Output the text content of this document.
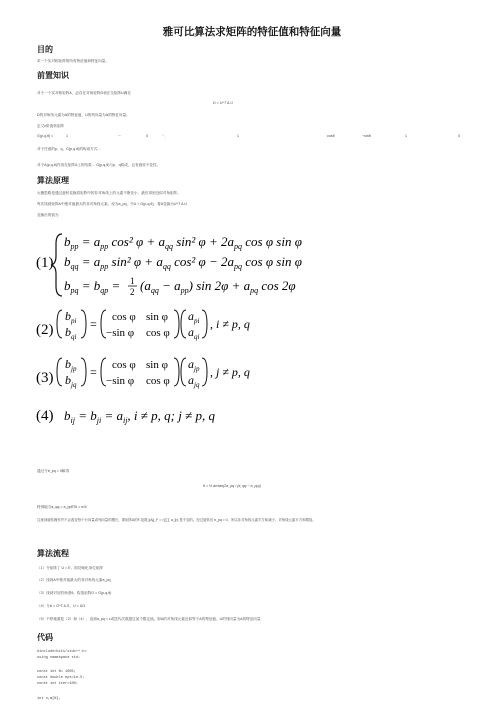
雅可比算法求矩阵的特征值和特征向量
目的
求一个实对称矩阵的所有特征值和特征向量。
前置知识
对于一个实对称矩阵A，必存在对角矩阵D和正交矩阵U满足
D = U^T A U
D的对角线元素为A的特征值，U的列向量为A的特征向量。
定义n阶旋转矩阵
G(p,q,θ) =	1	⋯	0	⋱	1	cosθ	−sinθ	1	0
对于任意的p，q，G(p,q,θ)的构成方式…
对于A(p,q,θ)作用在矩阵A上的结果… G(p,q,θ)与p、q构成，且有旋转不变性。
算法原理
大概思路是通过旋转变换将矩阵中的非对角线上的元素不断变小，最后得到近似对角矩阵。
每次找到矩阵A中绝对值最大的非对角线元素，设为a_pq，令U = G(p,q,θ)，将A变换为U^T A U
变换后的值为
(1)
$b_{pp} = a_{pp}$ cos² $\varphi + a_{qq}$ sin² $\varphi + 2a_{pq}$ cos φ sin φ
$b_{qq} = a_{pp}$ sin² $\varphi + a_{qq}$ cos² $\varphi - 2a_{pq}$ cos φ sin φ
$b_{pq} = b_{qp} = 1$
2 $(a_{qq} - a_{pp})$ $\sin 2\varphi + a_{pq}$ cos 2φ
(2)
$b_{pi}$
$b_{qi}$
= cos φ sin φ
−sin φ cos φ
$a_{pi}$
$a_{qi}$
, i ≠ p, q
(3)
$b_{jp}$
$b_{jq}$
= cos φ sin φ
−sin φ cos φ
$a_{jp}$
$a_{jq}$
, j ≠ p, q
(4) $b_{ij} = b_{ji} = a_{ij}$, i ≠ p, q; j ≠ p, q
通过令b_pq = 0解得
θ = ½ arctan(2a_pq / (a_qq − a_pp))
特别地当a_qq = a_pp时θ = π/4
注意到旋转操作并不会改变每个行向量或列向量的模长，即矩阵A的F-范数 ||A||_F = √(∑∑ a_ij²) 是不变的。经过旋转后 b_pq = 0，所以非对角线元素平方和减少，对角线元素平方和增加。
算法流程
（1）令矩阵了 U = E，即初始化单位矩阵
（2）找到A中绝对值最大的非对角线元素a_pq
（3）找到对应的角度θ，构造矩阵G = G(p,q,θ)
（4）令A = G^T A G，U = UG
（5）不停地重复（2）和（4），直到a_pq < ε或迭代次数超过某个限定值。即A的对角线元素近似等于A的特征值，U的列向量为A的特征向量
代码
#include<bits/stdc++.h>
using namespace std;
const int N= 1005;
const double eps=1e-5;
const int iter=100;
int n,m[N];
